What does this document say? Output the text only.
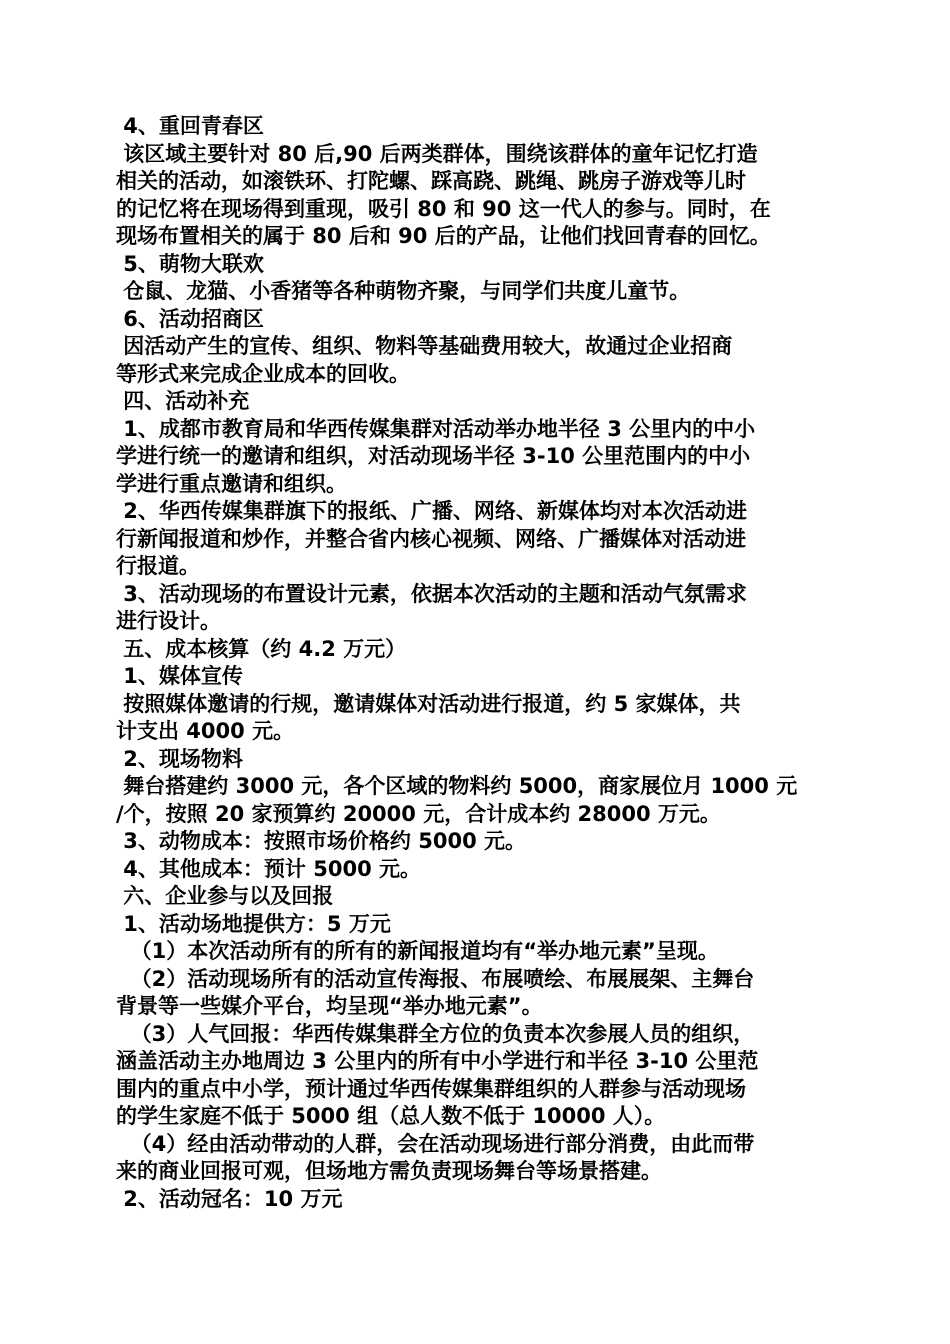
4、重回青春区
该区域主要针对 80 后,90 后两类群体，围绕该群体的童年记忆打造
相关的活动，如滚铁环、打陀螺、踩高跷、跳绳、跳房子游戏等儿时
的记忆将在现场得到重现，吸引 80 和 90 这一代人的参与。同时，在
现场布置相关的属于 80 后和 90 后的产品，让他们找回青春的回忆。
5、萌物大联欢
仓鼠、龙猫、小香猪等各种萌物齐聚，与同学们共度儿童节。
6、活动招商区
因活动产生的宣传、组织、物料等基础费用较大，故通过企业招商
等形式来完成企业成本的回收。
四、活动补充
1、成都市教育局和华西传媒集群对活动举办地半径 3 公里内的中小
学进行统一的邀请和组织，对活动现场半径 3-10 公里范围内的中小
学进行重点邀请和组织。
2、华西传媒集群旗下的报纸、广播、网络、新媒体均对本次活动进
行新闻报道和炒作，并整合省内核心视频、网络、广播媒体对活动进
行报道。
3、活动现场的布置设计元素，依据本次活动的主题和活动气氛需求
进行设计。
五、成本核算（约 4.2 万元）
1、媒体宣传
按照媒体邀请的行规，邀请媒体对活动进行报道，约 5 家媒体，共
计支出 4000 元。
2、现场物料
舞台搭建约 3000 元，各个区域的物料约 5000，商家展位月 1000 元
/个，按照 20 家预算约 20000 元，合计成本约 28000 万元。
3、动物成本：按照市场价格约 5000 元。
4、其他成本：预计 5000 元。
六、企业参与以及回报
1、活动场地提供方：5 万元
（1）本次活动所有的所有的新闻报道均有“举办地元素”呈现。
（2）活动现场所有的活动宣传海报、布展喷绘、布展展架、主舞台
背景等一些媒介平台，均呈现“举办地元素”。
（3）人气回报：华西传媒集群全方位的负责本次参展人员的组织，
涵盖活动主办地周边 3 公里内的所有中小学进行和半径 3-10 公里范
围内的重点中小学，预计通过华西传媒集群组织的人群参与活动现场
的学生家庭不低于 5000 组（总人数不低于 10000 人）。
（4）经由活动带动的人群，会在活动现场进行部分消费，由此而带
来的商业回报可观，但场地方需负责现场舞台等场景搭建。
2、活动冠名：10 万元
